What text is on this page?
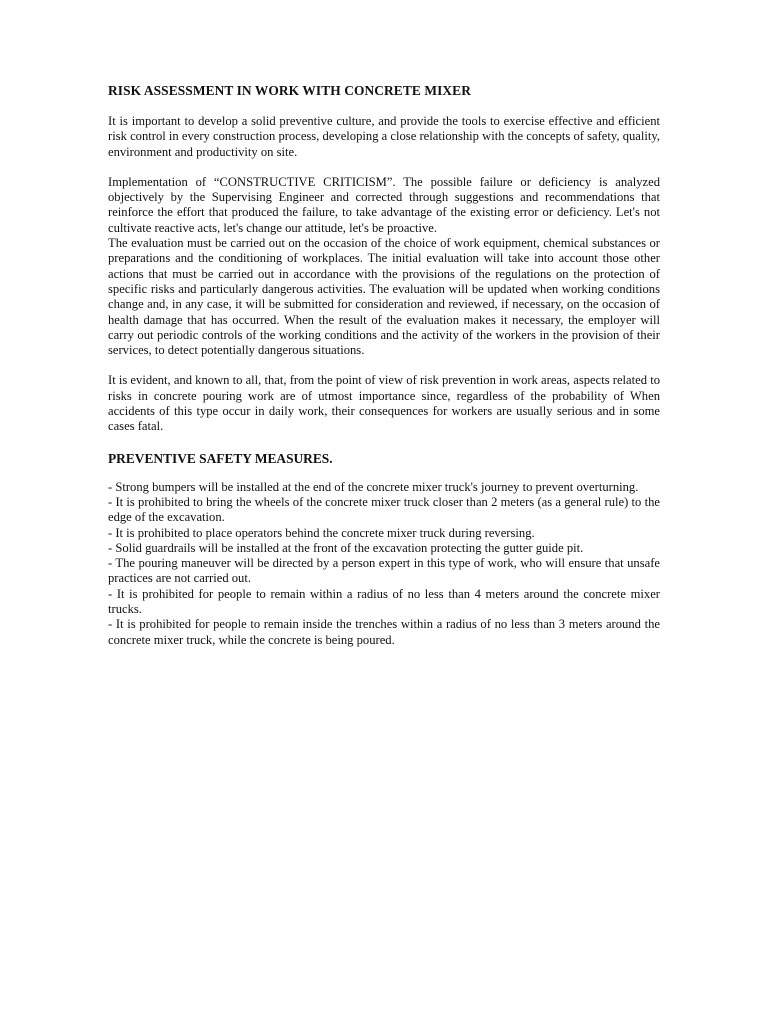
RISK ASSESSMENT IN WORK WITH CONCRETE MIXER

It is important to develop a solid preventive culture, and provide the tools to exercise effective and efficient risk control in every construction process, developing a close relationship with the concepts of safety, quality, environment and productivity on site.

Implementation of “CONSTRUCTIVE CRITICISM”. The possible failure or deficiency is analyzed objectively by the Supervising Engineer and corrected through suggestions and recommendations that reinforce the effort that produced the failure, to take advantage of the existing error or deficiency. Let's not cultivate reactive acts, let's change our attitude, let's be proactive.

The evaluation must be carried out on the occasion of the choice of work equipment, chemical substances or preparations and the conditioning of workplaces. The initial evaluation will take into account those other actions that must be carried out in accordance with the provisions of the regulations on the protection of specific risks and particularly dangerous activities. The evaluation will be updated when working conditions change and, in any case, it will be submitted for consideration and reviewed, if necessary, on the occasion of health damage that has occurred. When the result of the evaluation makes it necessary, the employer will carry out periodic controls of the working conditions and the activity of the workers in the provision of their services, to detect potentially dangerous situations.

It is evident, and known to all, that, from the point of view of risk prevention in work areas, aspects related to risks in concrete pouring work are of utmost importance since, regardless of the probability of When accidents of this type occur in daily work, their consequences for workers are usually serious and in some cases fatal.

PREVENTIVE SAFETY MEASURES.
- Strong bumpers will be installed at the end of the concrete mixer truck's journey to prevent overturning.
- It is prohibited to bring the wheels of the concrete mixer truck closer than 2 meters (as a general rule) to the edge of the excavation.
- It is prohibited to place operators behind the concrete mixer truck during reversing.
- Solid guardrails will be installed at the front of the excavation protecting the gutter guide pit.
- The pouring maneuver will be directed by a person expert in this type of work, who will ensure that unsafe practices are not carried out.
- It is prohibited for people to remain within a radius of no less than 4 meters around the concrete mixer trucks.
- It is prohibited for people to remain inside the trenches within a radius of no less than 3 meters around the concrete mixer truck, while the concrete is being poured.
